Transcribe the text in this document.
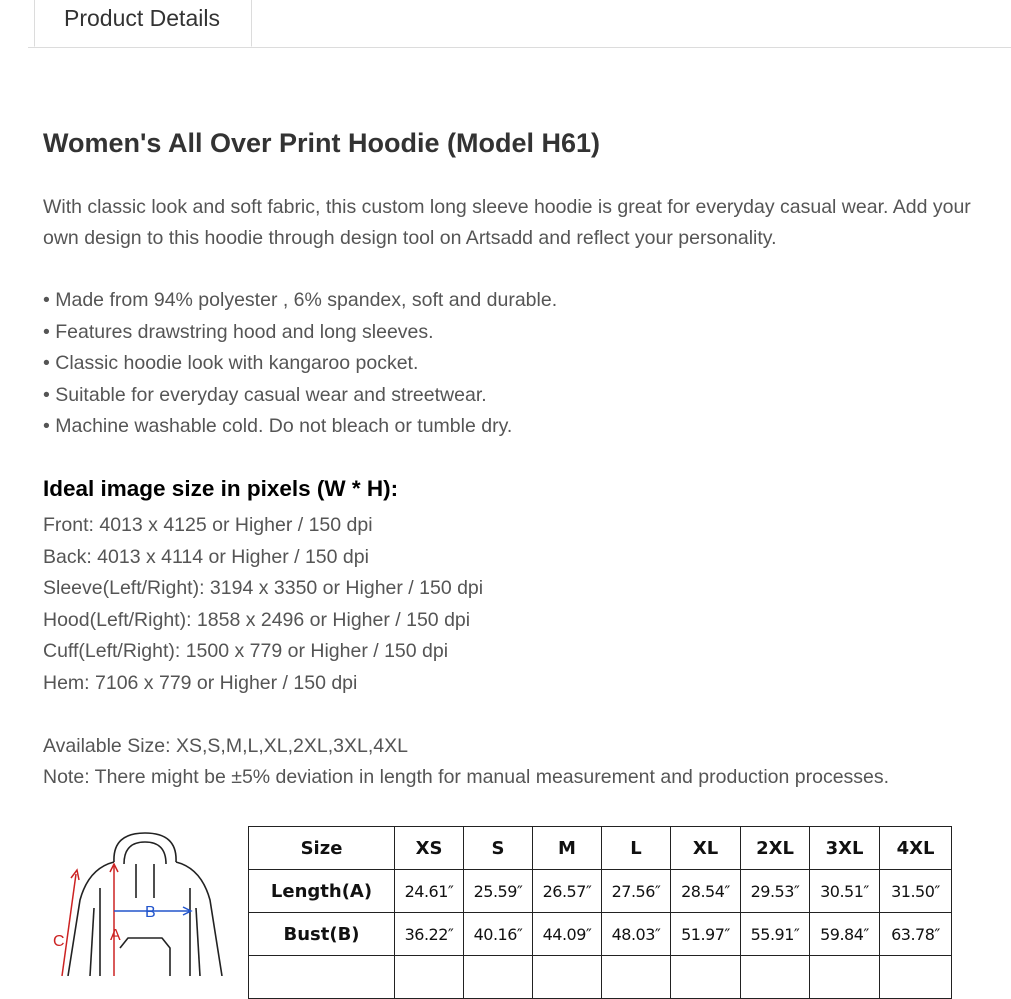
Product Details
Women's All Over Print Hoodie (Model H61)
With classic look and soft fabric, this custom long sleeve hoodie is great for everyday casual wear. Add your own design to this hoodie through design tool on Artsadd and reflect your personality.
• Made from 94% polyester , 6% spandex, soft and durable.
• Features drawstring hood and long sleeves.
• Classic hoodie look with kangaroo pocket.
• Suitable for everyday casual wear and streetwear.
• Machine washable cold. Do not bleach or tumble dry.
Ideal image size in pixels (W * H):
Front: 4013 x 4125 or Higher / 150 dpi
Back: 4013 x 4114 or Higher / 150 dpi
Sleeve(Left/Right): 3194 x 3350 or Higher / 150 dpi
Hood(Left/Right): 1858 x 2496 or Higher / 150 dpi
Cuff(Left/Right): 1500 x 779 or Higher / 150 dpi
Hem: 7106 x 779 or Higher / 150 dpi
Available Size: XS,S,M,L,XL,2XL,3XL,4XL
Note: There might be ±5% deviation in length for manual measurement and production processes.
A
B
C
Size	XS	S	M	L	XL	2XL	3XL	4XL
Length(A)	24.61″	25.59″	26.57″	27.56″	28.54″	29.53″	30.51″	31.50″
Bust(B)	36.22″	40.16″	44.09″	48.03″	51.97″	55.91″	59.84″	63.78″
